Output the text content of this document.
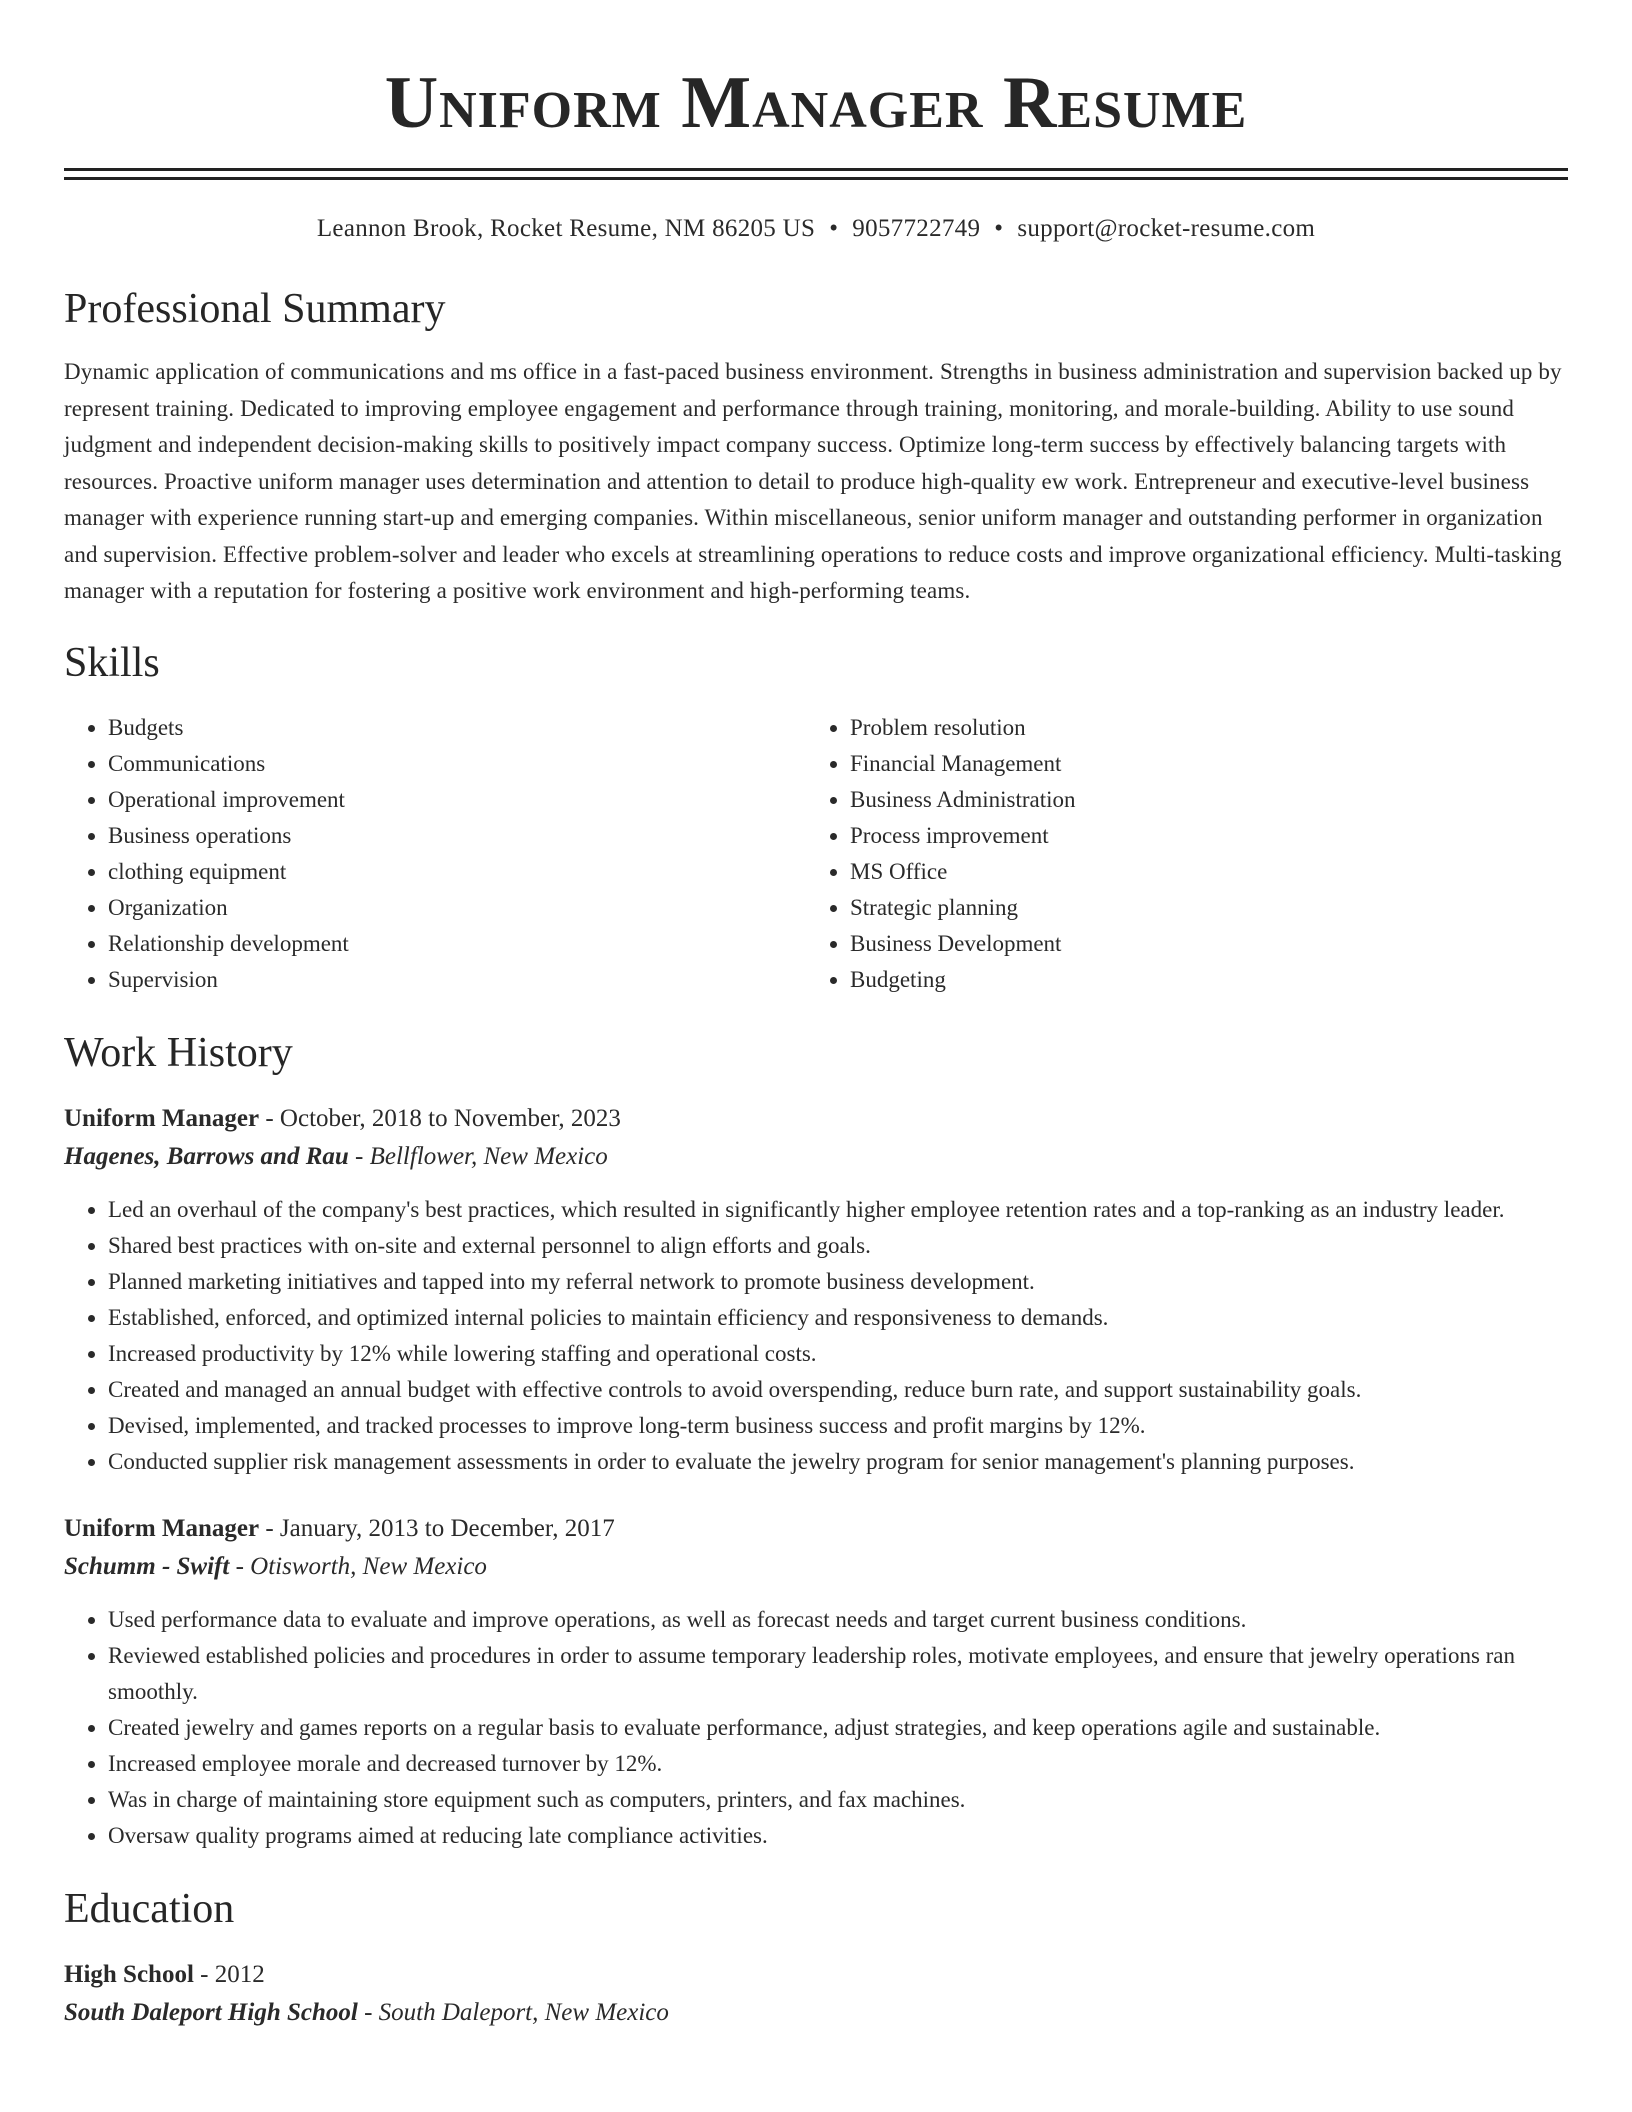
Uniform Manager Resume
Leannon Brook, Rocket Resume, NM 86205 US • 9057722749 • support@rocket-resume.com
Professional Summary

Dynamic application of communications and ms office in a fast-paced business environment. Strengths in business administration and supervision backed up by represent training. Dedicated to improving employee engagement and performance through training, monitoring, and morale-building. Ability to use sound judgment and independent decision-making skills to positively impact company success. Optimize long-term success by effectively balancing targets with resources. Proactive uniform manager uses determination and attention to detail to produce high-quality ew work. Entrepreneur and executive-level business manager with experience running start-up and emerging companies. Within miscellaneous, senior uniform manager and outstanding performer in organization and supervision. Effective problem-solver and leader who excels at streamlining operations to reduce costs and improve organizational efficiency. Multi-tasking manager with a reputation for fostering a positive work environment and high-performing teams.

Skills
• Budgets
• Communications
• Operational improvement
• Business operations
• clothing equipment
• Organization
• Relationship development
• Supervision
• Problem resolution
• Financial Management
• Business Administration
• Process improvement
• MS Office
• Strategic planning
• Business Development
• Budgeting
Work History
Uniform Manager - October, 2018 to November, 2023
Hagenes, Barrows and Rau - Bellflower, New Mexico
• Led an overhaul of the company's best practices, which resulted in significantly higher employee retention rates and a top-ranking as an industry leader.
• Shared best practices with on-site and external personnel to align efforts and goals.
• Planned marketing initiatives and tapped into my referral network to promote business development.
• Established, enforced, and optimized internal policies to maintain efficiency and responsiveness to demands.
• Increased productivity by 12% while lowering staffing and operational costs.
• Created and managed an annual budget with effective controls to avoid overspending, reduce burn rate, and support sustainability goals.
• Devised, implemented, and tracked processes to improve long-term business success and profit margins by 12%.
• Conducted supplier risk management assessments in order to evaluate the jewelry program for senior management's planning purposes.
Uniform Manager - January, 2013 to December, 2017
Schumm - Swift - Otisworth, New Mexico
• Used performance data to evaluate and improve operations, as well as forecast needs and target current business conditions.
• Reviewed established policies and procedures in order to assume temporary leadership roles, motivate employees, and ensure that jewelry operations ran smoothly.
• Created jewelry and games reports on a regular basis to evaluate performance, adjust strategies, and keep operations agile and sustainable.
• Increased employee morale and decreased turnover by 12%.
• Was in charge of maintaining store equipment such as computers, printers, and fax machines.
• Oversaw quality programs aimed at reducing late compliance activities.
Education
High School - 2012
South Daleport High School - South Daleport, New Mexico
